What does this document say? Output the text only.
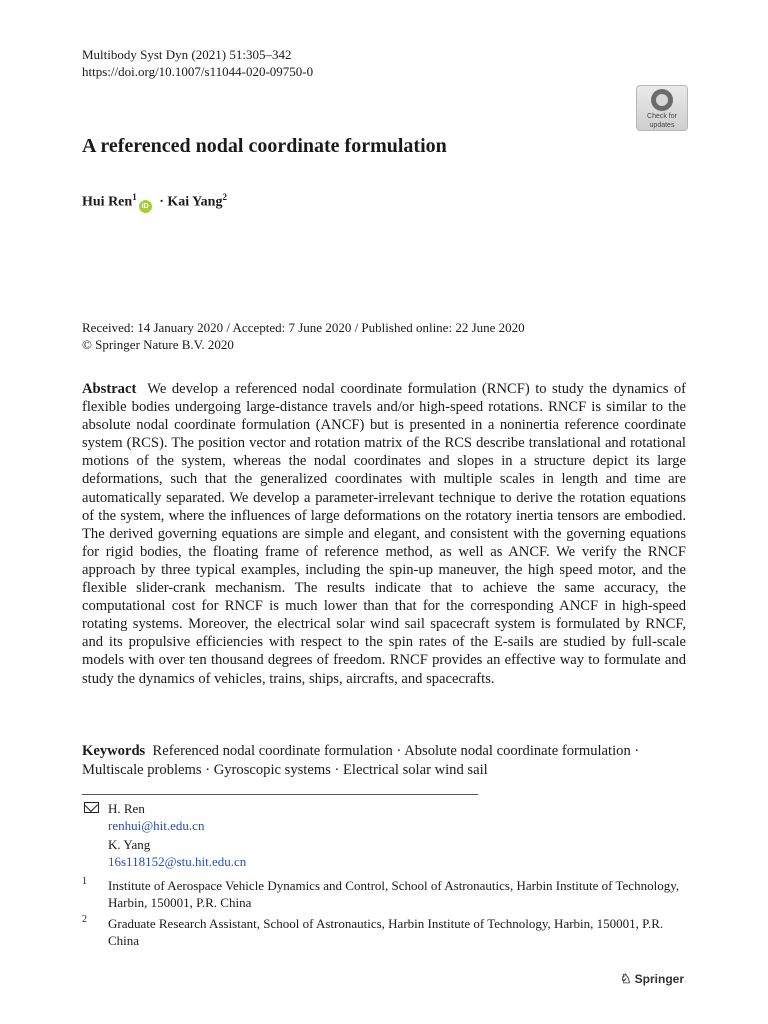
Multibody Syst Dyn (2021) 51:305–342
https://doi.org/10.1007/s11044-020-09750-0
Check for
updates
A referenced nodal coordinate formulation
Hui Ren$^1$iD · Kai Yang$^2$
Received: 14 January 2020 / Accepted: 7 June 2020 / Published online: 22 June 2020
© Springer Nature B.V. 2020

Abstract We develop a referenced nodal coordinate formulation (RNCF) to study the dynamics of flexible bodies undergoing large-distance travels and/or high-speed rotations. RNCF is similar to the absolute nodal coordinate formulation (ANCF) but is presented in a noninertia reference coordinate system (RCS). The position vector and rotation matrix of the RCS describe translational and rotational motions of the system, whereas the nodal coordinates and slopes in a structure depict its large deformations, such that the generalized coordinates with multiple scales in length and time are automatically separated. We develop a parameter-irrelevant technique to derive the rotation equations of the system, where the influences of large deformations on the rotatory inertia tensors are embodied. The derived governing equations are simple and elegant, and consistent with the governing equations for rigid bodies, the floating frame of reference method, as well as ANCF. We verify the RNCF approach by three typical examples, including the spin-up maneuver, the high speed motor, and the flexible slider-crank mechanism. The results indicate that to achieve the same accuracy, the computational cost for RNCF is much lower than that for the corresponding ANCF in high-speed rotating systems. Moreover, the electrical solar wind sail spacecraft system is formulated by RNCF, and its propulsive efficiencies with respect to the spin rates of the E-sails are studied by full-scale models with over ten thousand degrees of freedom. RNCF provides an effective way to formulate and study the dynamics of vehicles, trains, ships, aircrafts, and spacecrafts.

Keywords Referenced nodal coordinate formulation · Absolute nodal coordinate formulation · Multiscale problems · Gyroscopic systems · Electrical solar wind sail

H. Ren
renhui@hit.edu.cn
K. Yang
16s118152@stu.hit.edu.cn
1 Institute of Aerospace Vehicle Dynamics and Control, School of Astronautics, Harbin Institute of Technology, Harbin, 150001, P.R. China
2 Graduate Research Assistant, School of Astronautics, Harbin Institute of Technology, Harbin, 150001, P.R. China
♘ Springer
